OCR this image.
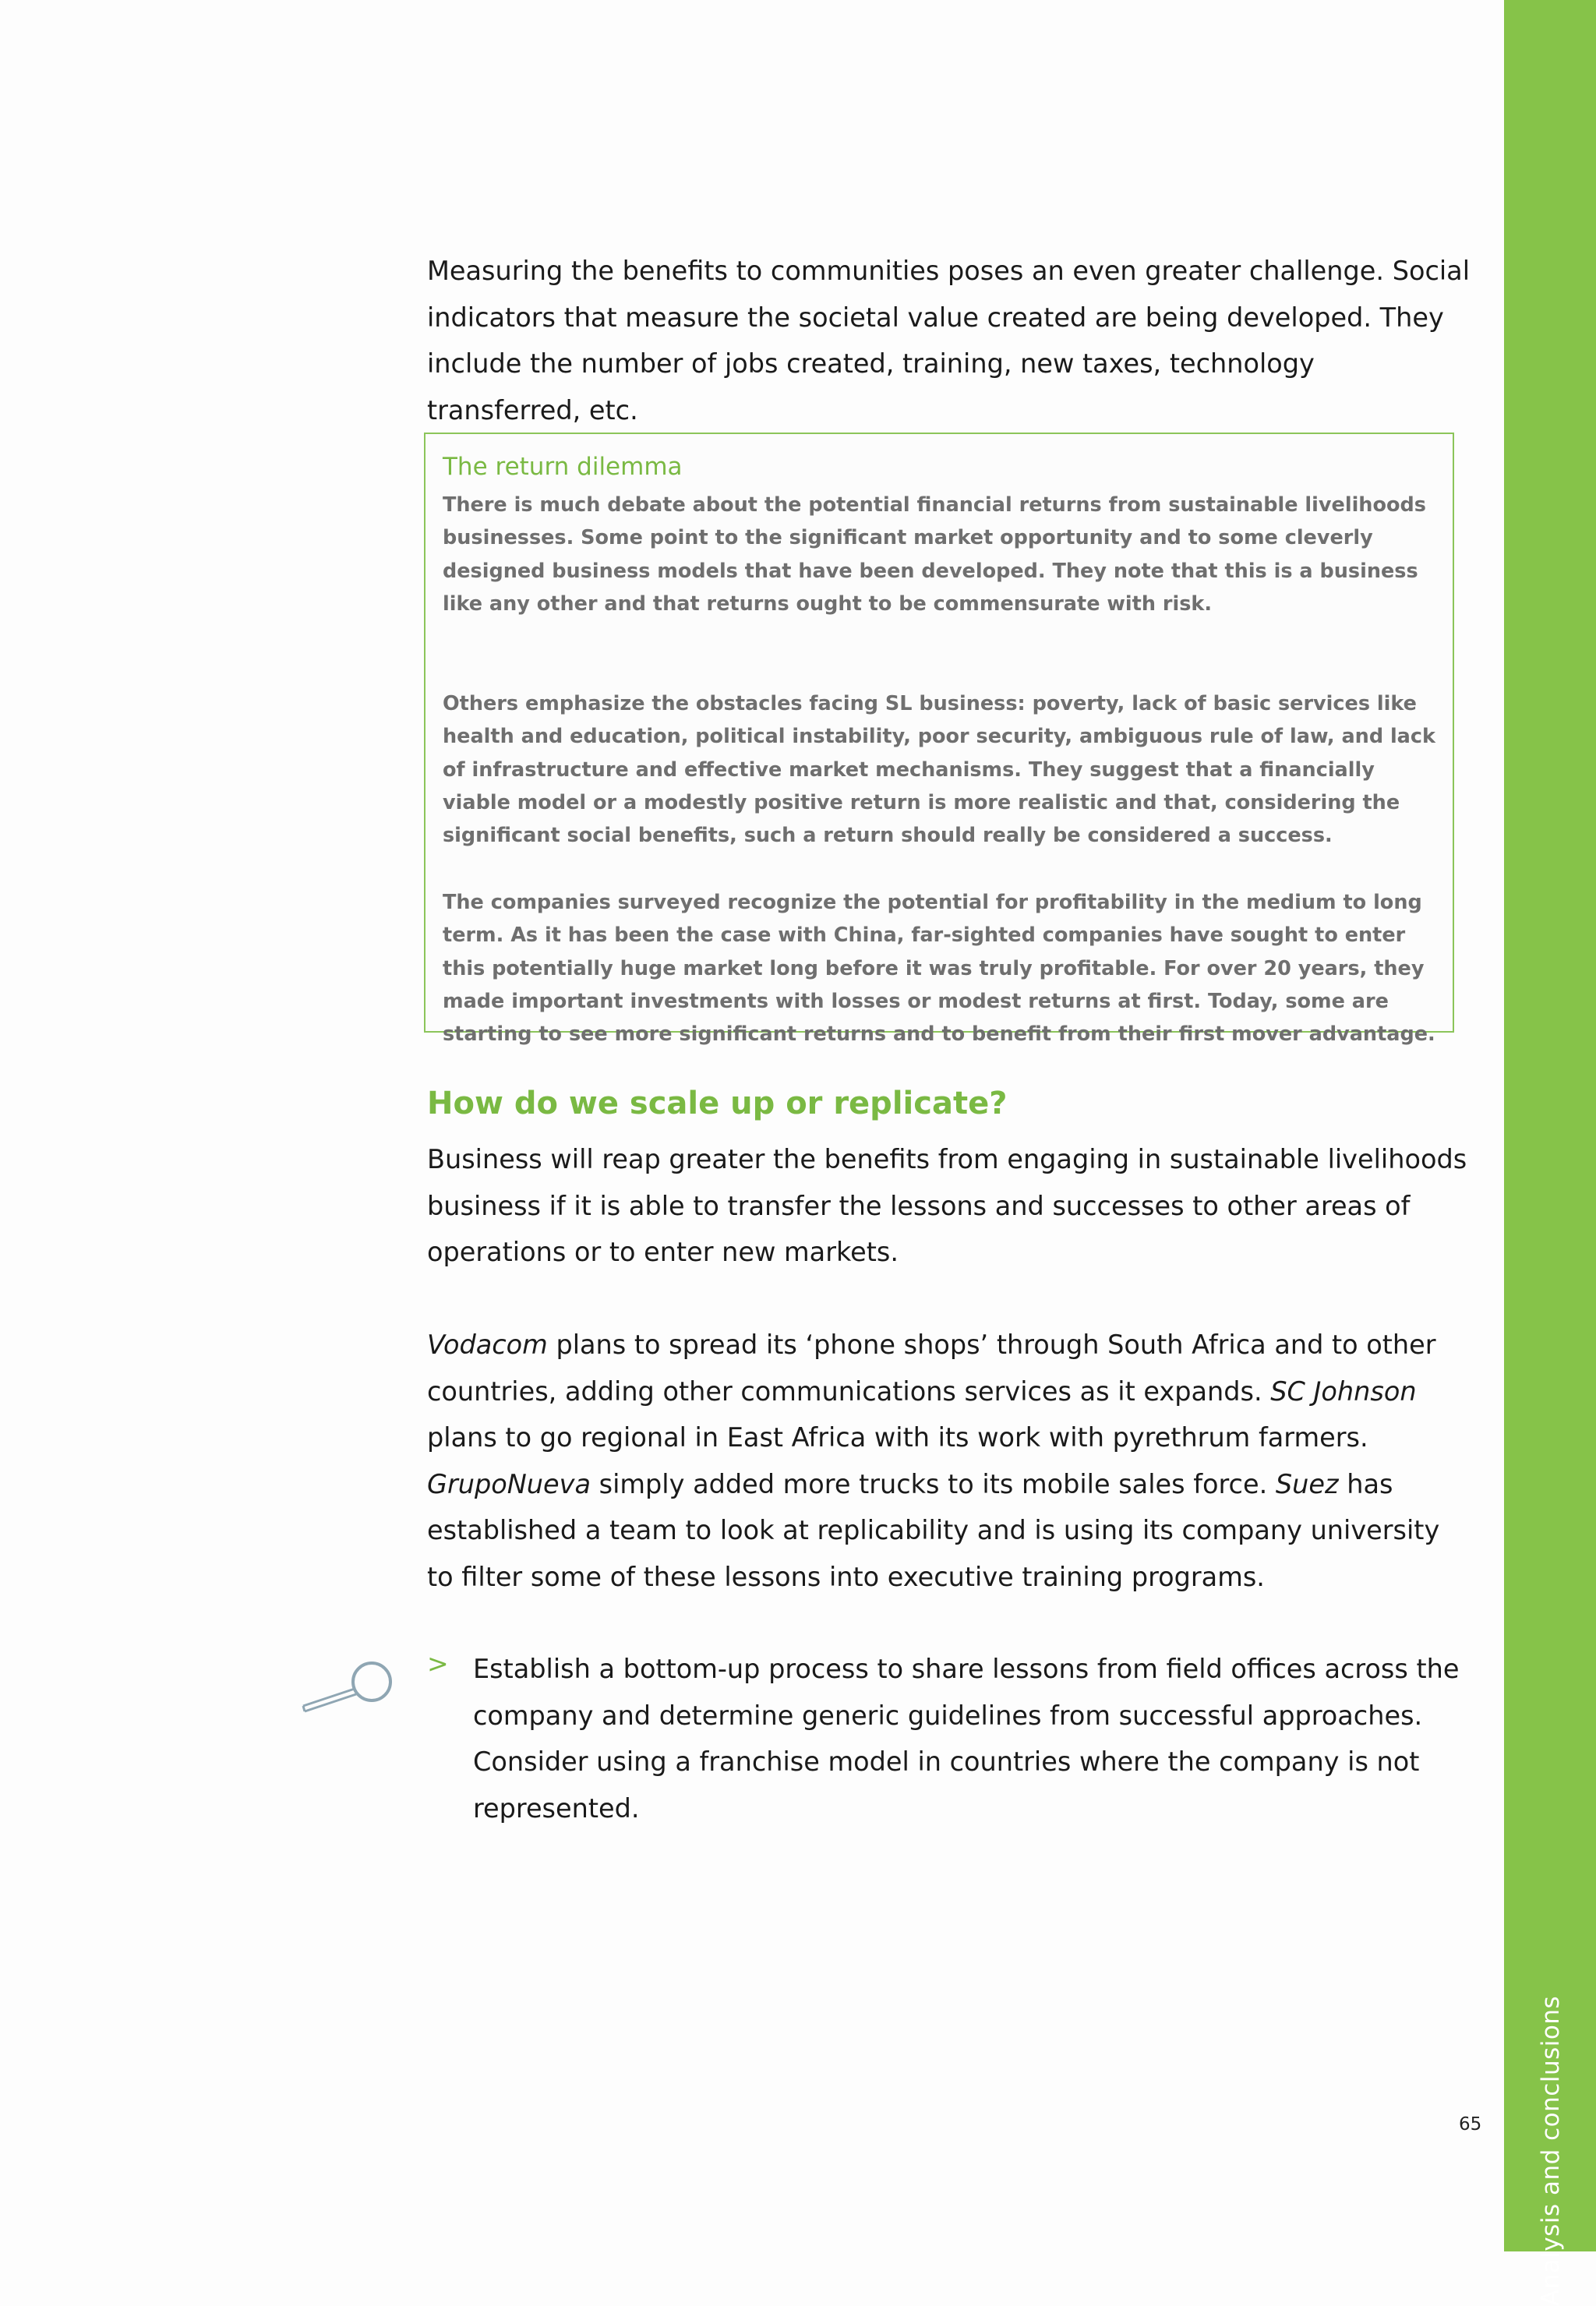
Analysis and conclusions
65

Measuring the benefits to communities poses an even greater challenge. Social indicators that measure the societal value created are being developed. They include the number of jobs created, training, new taxes, technology transferred, etc.

The return dilemma

There is much debate about the potential financial returns from sustainable livelihoods businesses. Some point to the significant market opportunity and to some cleverly designed business models that have been developed. They note that this is a business like any other and that returns ought to be commensurate with risk.

Others emphasize the obstacles facing SL business: poverty, lack of basic services like health and education, political instability, poor security, ambiguous rule of law, and lack of infrastructure and effective market mechanisms. They suggest that a financially viable model or a modestly positive return is more realistic and that, considering the significant social benefits, such a return should really be considered a success.

The companies surveyed recognize the potential for profitability in the medium to long term. As it has been the case with China, far-sighted companies have sought to enter this potentially huge market long before it was truly profitable. For over 20 years, they made important investments with losses or modest returns at first. Today, some are starting to see more significant returns and to benefit from their first mover advantage.

How do we scale up or replicate?

Business will reap greater the benefits from engaging in sustainable livelihoods business if it is able to transfer the lessons and successes to other areas of operations or to enter new markets.

Vodacom plans to spread its ‘phone shops’ through South Africa and to other countries, adding other communications services as it expands. SC Johnson plans to go regional in East Africa with its work with pyrethrum farmers. GrupoNueva simply added more trucks to its mobile sales force. Suez has established a team to look at replicability and is using its company university to filter some of these lessons into executive training programs.

> Establish a bottom-up process to share lessons from field offices across the company and determine generic guidelines from successful approaches. Consider using a franchise model in countries where the company is not represented.
